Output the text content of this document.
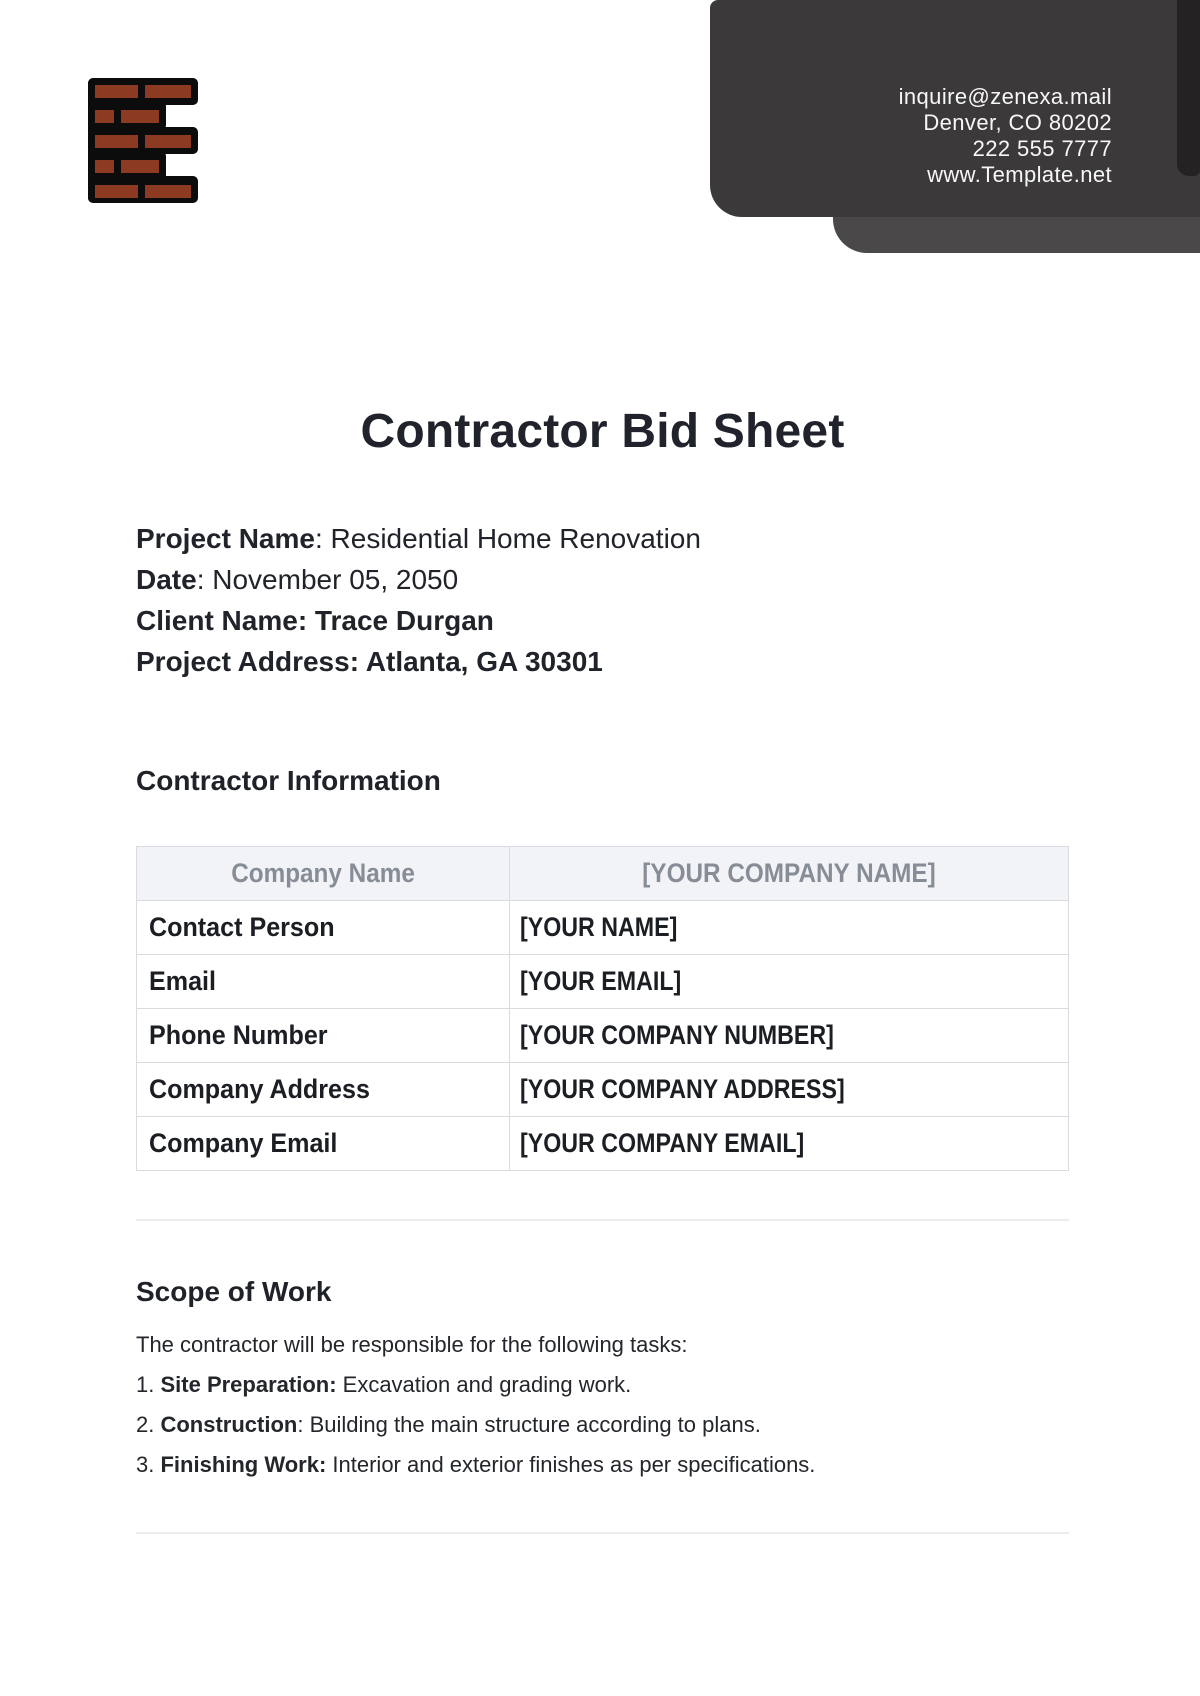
inquire@zenexa.mail
Denver, CO 80202
222 555 7777
www.Template.net
Contractor Bid Sheet

Project Name: Residential Home Renovation

Date: November 05, 2050

Client Name: Trace Durgan

Project Address: Atlanta, GA 30301

Contractor Information
Company Name	[YOUR COMPANY NAME]
Contact Person	[YOUR NAME]
Email	[YOUR EMAIL]
Phone Number	[YOUR COMPANY NUMBER]
Company Address	[YOUR COMPANY ADDRESS]
Company Email	[YOUR COMPANY EMAIL]
Scope of Work

The contractor will be responsible for the following tasks:

1. Site Preparation: Excavation and grading work.
2. Construction: Building the main structure according to plans.
3. Finishing Work: Interior and exterior finishes as per specifications.
